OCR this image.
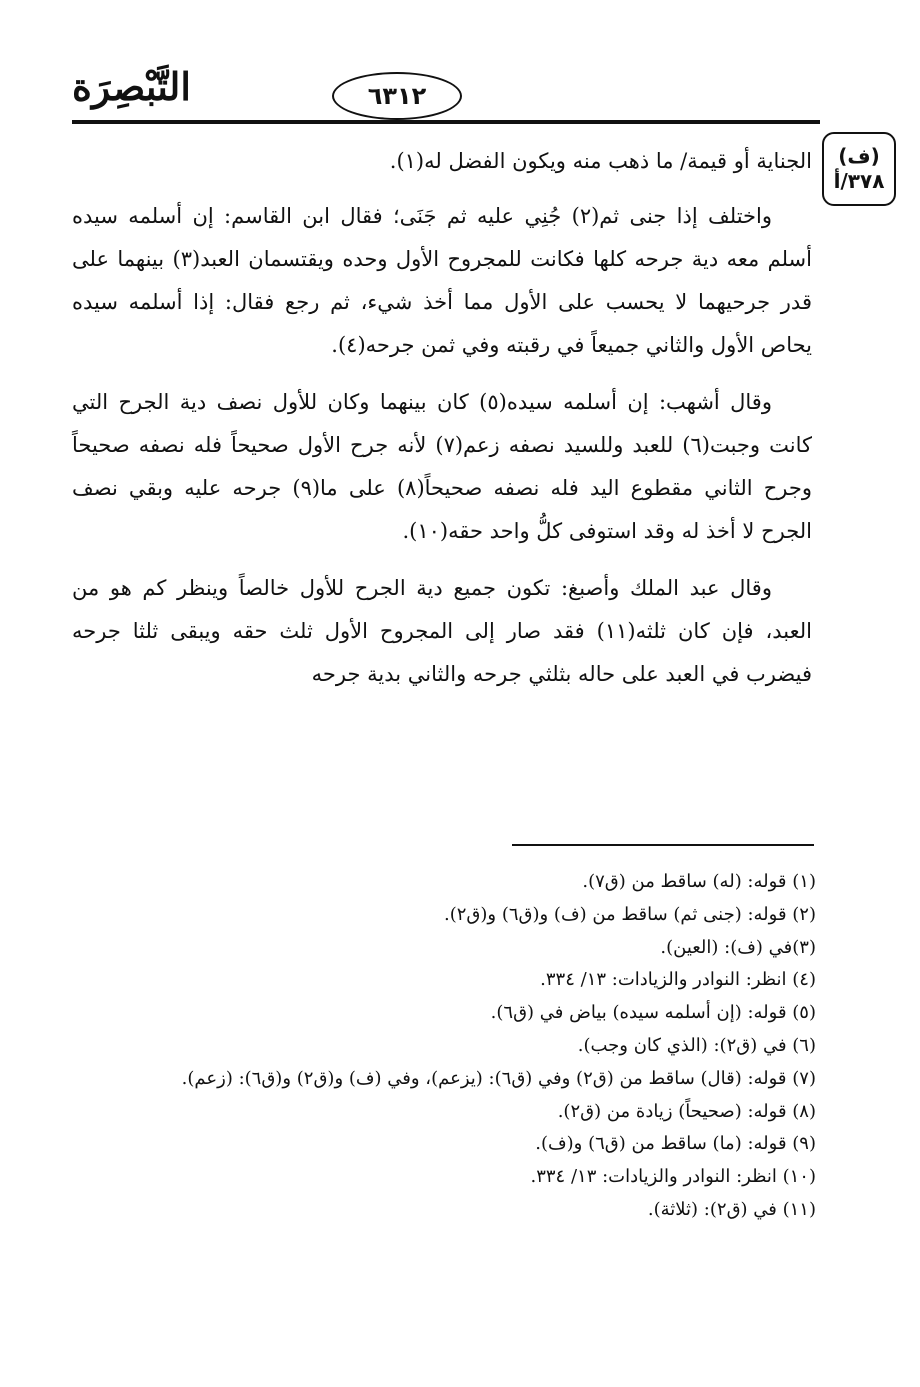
التَّبْصِرَة	٦٣١٢
(ف)
٣٧٨/أ

الجناية أو قيمة/ ما ذهب منه ويكون الفضل له(١).

واختلف إذا جنى ثم(٢) جُنِي عليه ثم جَنَى؛ فقال ابن القاسم: إن أسلمه سيده أسلم معه دية جرحه كلها فكانت للمجروح الأول وحده ويقتسمان العبد(٣) بينهما على قدر جرحيهما لا يحسب على الأول مما أخذ شيء، ثم رجع فقال: إذا أسلمه سيده يحاص الأول والثاني جميعاً في رقبته وفي ثمن جرحه(٤).

وقال أشهب: إن أسلمه سيده(٥) كان بينهما وكان للأول نصف دية الجرح التي كانت وجبت(٦) للعبد وللسيد نصفه زعم(٧) لأنه جرح الأول صحيحاً فله نصفه صحيحاً وجرح الثاني مقطوع اليد فله نصفه صحيحاً(٨) على ما(٩) جرحه عليه وبقي نصف الجرح لا أخذ له وقد استوفى كلُّ واحد حقه(١٠).

وقال عبد الملك وأصبغ: تكون جميع دية الجرح للأول خالصاً وينظر كم هو من العبد، فإن كان ثلثه(١١) فقد صار إلى المجروح الأول ثلث حقه ويبقى ثلثا جرحه فيضرب في العبد على حاله بثلثي جرحه والثاني بدية جرحه

(١) قوله: (له) ساقط من (ق٧).
(٢) قوله: (جنى ثم) ساقط من (ف) و(ق٦) و(ق٢).
(٣)في (ف): (العين).
(٤) انظر: النوادر والزيادات: ١٣/ ٣٣٤.
(٥) قوله: (إن أسلمه سيده) بياض في (ق٦).
(٦) في (ق٢): (الذي كان وجب).
(٧) قوله: (قال) ساقط من (ق٢) وفي (ق٦): (يزعم)، وفي (ف) و(ق٢) و(ق٦): (زعم).
(٨) قوله: (صحيحاً) زيادة من (ق٢).
(٩) قوله: (ما) ساقط من (ق٦) و(ف).
(١٠) انظر: النوادر والزيادات: ١٣/ ٣٣٤.
(١١) في (ق٢): (ثلاثة).
